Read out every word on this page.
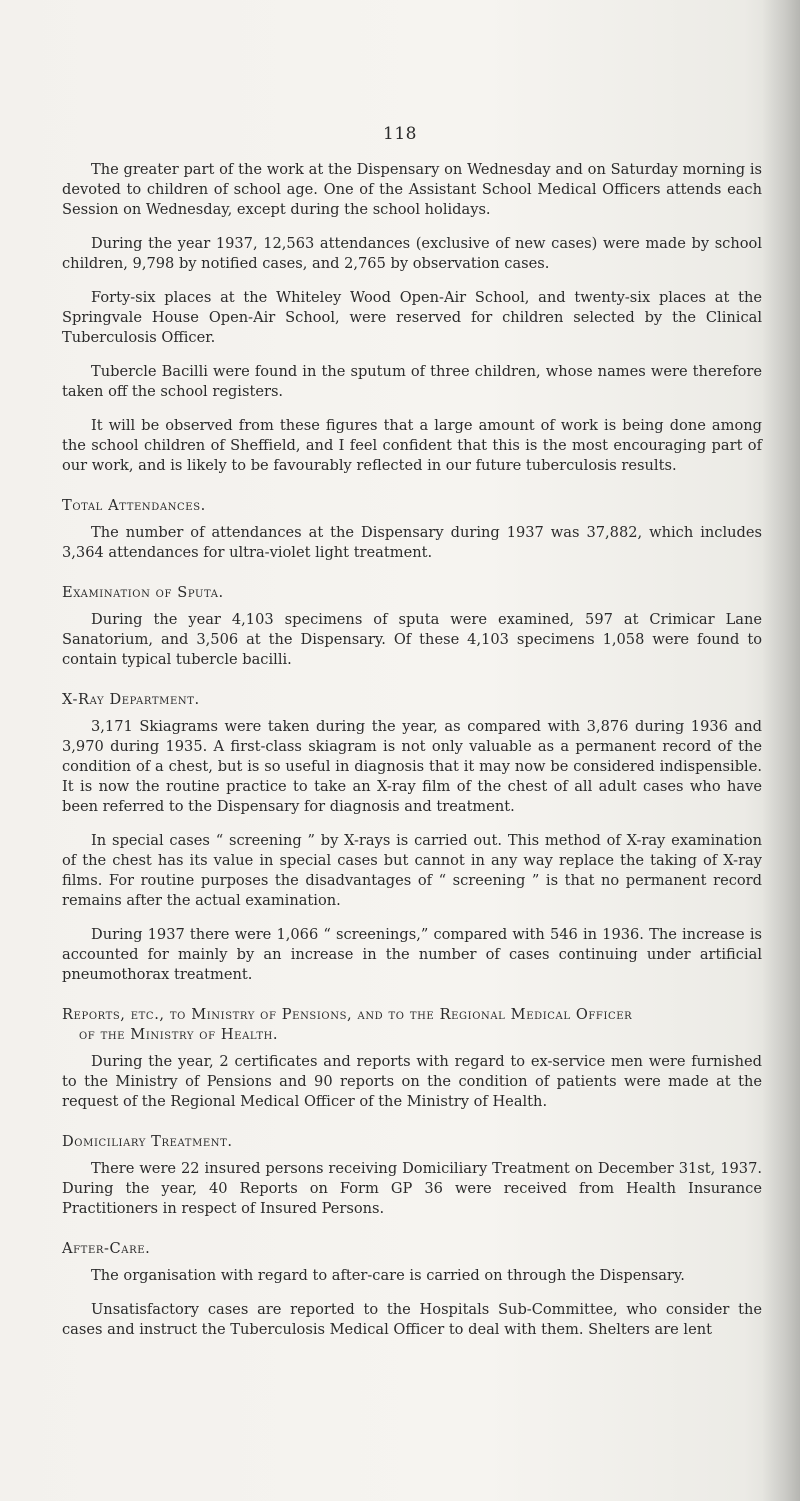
118

The greater part of the work at the Dispensary on Wednesday and on Saturday morning is devoted to children of school age. One of the Assistant School Medical Officers attends each Session on Wednesday, except during the school holidays.

During the year 1937, 12,563 attendances (exclusive of new cases) were made by school children, 9,798 by notified cases, and 2,765 by observation cases.

Forty-six places at the Whiteley Wood Open-Air School, and twenty-six places at the Springvale House Open-Air School, were reserved for children selected by the Clinical Tuberculosis Officer.

Tubercle Bacilli were found in the sputum of three children, whose names were therefore taken off the school registers.

It will be observed from these figures that a large amount of work is being done among the school children of Sheffield, and I feel confident that this is the most encouraging part of our work, and is likely to be favourably reflected in our future tuberculosis results.

Total Attendances.

The number of attendances at the Dispensary during 1937 was 37,882, which includes 3,364 attendances for ultra-violet light treatment.

Examination of Sputa.

During the year 4,103 specimens of sputa were examined, 597 at Crimicar Lane Sanatorium, and 3,506 at the Dispensary. Of these 4,103 specimens 1,058 were found to contain typical tubercle bacilli.

X-Ray Department.

3,171 Skiagrams were taken during the year, as compared with 3,876 during 1936 and 3,970 during 1935. A first-class skiagram is not only valuable as a permanent record of the condition of a chest, but is so useful in diagnosis that it may now be considered indispensible. It is now the routine practice to take an X-ray film of the chest of all adult cases who have been referred to the Dispensary for diagnosis and treatment.

In special cases “ screening ” by X-rays is carried out. This method of X-ray examination of the chest has its value in special cases but cannot in any way replace the taking of X-ray films. For routine purposes the disadvantages of “ screening ” is that no permanent record remains after the actual examination.

During 1937 there were 1,066 “ screenings,” compared with 546 in 1936. The increase is accounted for mainly by an increase in the number of cases continuing under artificial pneumothorax treatment.

Reports, etc., to Ministry of Pensions, and to the Regional Medical Officer
of the Ministry of Health.

During the year, 2 certificates and reports with regard to ex-service men were furnished to the Ministry of Pensions and 90 reports on the condition of patients were made at the request of the Regional Medical Officer of the Ministry of Health.

Domiciliary Treatment.

There were 22 insured persons receiving Domiciliary Treatment on December 31st, 1937. During the year, 40 Reports on Form GP 36 were received from Health Insurance Practitioners in respect of Insured Persons.

After-Care.

The organisation with regard to after-care is carried on through the Dispensary.

Unsatisfactory cases are reported to the Hospitals Sub-Committee, who consider the cases and instruct the Tuberculosis Medical Officer to deal with them. Shelters are lent
